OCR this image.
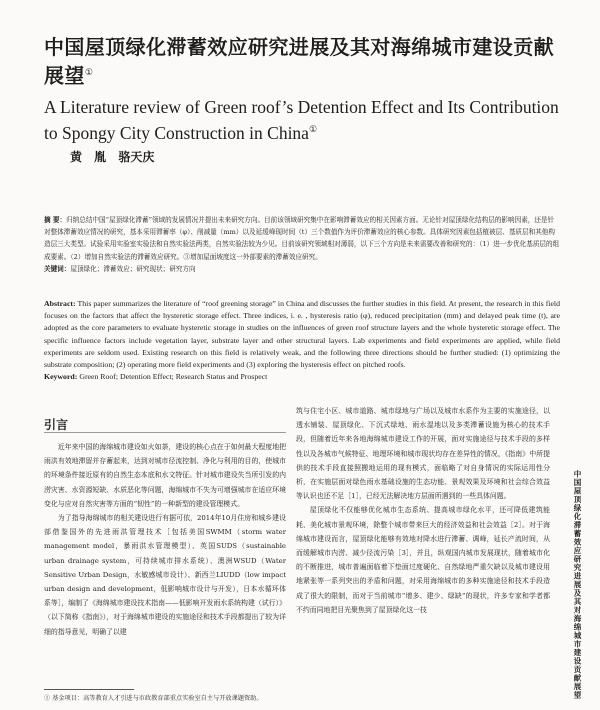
中国屋顶绿化滞蓄效应研究进展及其对海绵城市建设贡献展望①
A Literature review of Green roof’s Detention Effect and Its Contribution to Spongy City Construction in China①
黄 胤 骆天庆
摘 要：归纳总结中国“屋顶绿化滞蓄”领域的发展情况并提出未来研究方向。目前该领域研究集中在影响滞蓄效应的相关因素方面。无论针对屋顶绿化结构层的影响因素，还是针对整体滞蓄效应情况的研究，基本采用滞蓄率（φ）、削减量（mm）以及延缓峰现时间（t）三个数值作为评价滞蓄效应的核心参数。具体研究因素包括植被层、基质层和其他构造层三大类型。试验采用实验室实验法和自然实验法两类，自然实验法较为少见。目前该研究领域相对薄弱，以下三个方向是未来需要改善和研究的：（1）进一步优化基质层的组成要素。（2）增加自然实验法的滞蓄效应研究。③增加屋面坡度这一外部要素的滞蓄效应研究。
关键词：屋顶绿化；滞蓄效应；研究现状；研究方向
Abstract: This paper summarizes the literature of “roof greening storage” in China and discusses the further studies in this field. At present, the research in this field focuses on the factors that affect the hysteretic storage effect. Three indices, i. e. , hysteresis ratio (φ), reduced precipitation (mm) and delayed peak time (t), are adopted as the core parameters to evaluate hysteretic storage in studies on the influences of green roof structure layers and the whole hysteretic storage effect. The specific influence factors include vegetation layer, substrate layer and other structural layers. Lab experiments and field experiments are applied, while field experiments are seldom used. Existing research on this field is relatively weak, and the following three directions should be further studied: (1) optimizing the substrate composition; (2) operating more field experiments and (3) exploring the hysteresis effect on pitched roofs.
Keyword: Green Roof; Detention Effect; Research Status and Prospect
引言

近年来中国的海绵城市建设如火如荼，建设的核心点在于如何最大程度地把雨洪有效地滞留并存蓄起来，达到对城市径流控制、净化与利用的目的，使城市的环境条件接近原有的自然生态本底和水文特征。针对城市建设失当所引发的内涝灾害、水资源短缺、水质恶化等问题，海绵城市不失为可增强城市在适应环境变化与应对自然灾害等方面的“韧性”的一种新型的建设管理模式。

为了指导海绵城市的相关建设进行有据可依，2014年10月住房和城乡建设部借鉴国外的先进雨洪管理技术［包括美国SWMM（storm water management model，暴雨洪水管理模型）、英国SUDS（sustainable urban drainage system，可持续城市排水系统）、澳洲WSUD（Water Sensitive Urban Design，水敏感城市设计）、新西兰LIUDD（low impact urban design and development，低影响城市设计与开发），日本水循环体系等］，编制了《海绵城市建设技术指南——低影响开发雨水系统构建（试行）》（以下简称《指南》），对于海绵城市建设的实施途径和技术手段都提出了较为详细的指导意见，明确了以建

筑与住宅小区、城市道路、城市绿地与广场以及城市水系作为主要的实施途径，以透水铺装、屋顶绿化、下沉式绿地、雨水湿地以及多类滞蓄设施为核心的技术手段，但随着近年来各地海绵城市建设工作的开展，面对实施途径与技术手段的多样性以及各城市气候特征、地理环境和城市现状均存在差异性的情况，《指南》中所提供的技术手段直接照搬地运用的现有模式，面临略了对自身情况的实际运用性分析，在实施层面对绿色雨水基础设施的生态功能、景观效果及环境和社会综合效益等认识也还不足［1］，已经无法解决地方层面所遇到的一些具体问题。

屋顶绿化不仅能够优化城市生态系统、提高城市绿化水平，还可降低建筑能耗、美化城市景观环境，除整个城市带来巨大的经济效益和社会效益［2］。对于海绵城市建设而言，屋顶绿化能够有效地对降水进行滞蓄、调峰，延长产流时间，从而缓解城市内涝、减少径流污染［3］，并且，纵观国内城市发展现状，随着城市化的不断推进，城市普遍面临着下垫面过度硬化、自然绿地严重欠缺以及城市建设用地紧张等一系列突出的矛盾和问题，对采用海绵城市的多种实施途径和技术手段造成了很大的限制，而对于当前城市“增多、建少、绿缺”的现状，许多专家和学者都不约而同地把目光聚焦到了屋顶绿化这一技	中国屋顶绿化滞蓄效应研究进展及其对海绵城市建设贡献展望
① 基金项目：高等教育人才引进与市政教育部重点实验室自主与开放课题资助。
